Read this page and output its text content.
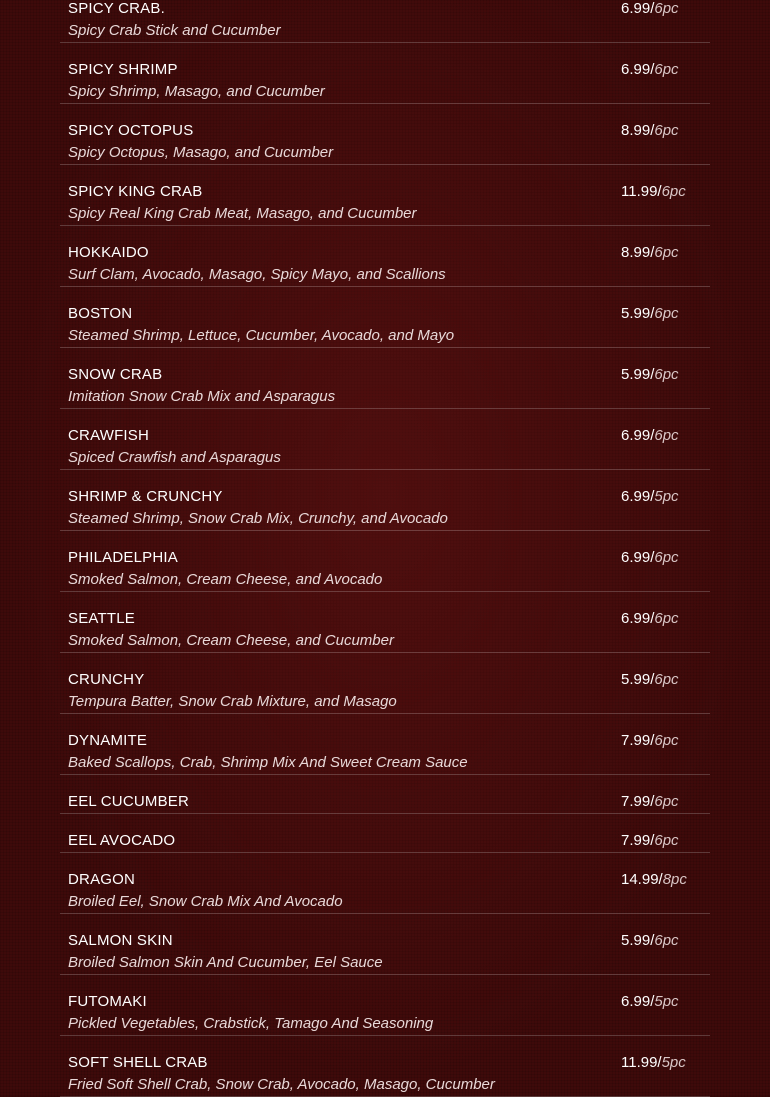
SPICY CRAB.
Spicy Crab Stick and Cucumber
6.99/6pc
SPICY SHRIMP
Spicy Shrimp, Masago, and Cucumber
6.99/6pc
SPICY OCTOPUS
Spicy Octopus, Masago, and Cucumber
8.99/6pc
SPICY KING CRAB
Spicy Real King Crab Meat, Masago, and Cucumber
11.99/6pc
HOKKAIDO
Surf Clam, Avocado, Masago, Spicy Mayo, and Scallions
8.99/6pc
BOSTON
Steamed Shrimp, Lettuce, Cucumber, Avocado, and Mayo
5.99/6pc
SNOW CRAB
Imitation Snow Crab Mix and Asparagus
5.99/6pc
CRAWFISH
Spiced Crawfish and Asparagus
6.99/6pc
SHRIMP & CRUNCHY
Steamed Shrimp, Snow Crab Mix, Crunchy, and Avocado
6.99/5pc
PHILADELPHIA
Smoked Salmon, Cream Cheese, and Avocado
6.99/6pc
SEATTLE
Smoked Salmon, Cream Cheese, and Cucumber
6.99/6pc
CRUNCHY
Tempura Batter, Snow Crab Mixture, and Masago
5.99/6pc
DYNAMITE
Baked Scallops, Crab, Shrimp Mix And Sweet Cream Sauce
7.99/6pc
EEL CUCUMBER	7.99/6pc
EEL AVOCADO	7.99/6pc
DRAGON
Broiled Eel, Snow Crab Mix And Avocado
14.99/8pc
SALMON SKIN
Broiled Salmon Skin And Cucumber, Eel Sauce
5.99/6pc
FUTOMAKI
Pickled Vegetables, Crabstick, Tamago And Seasoning
6.99/5pc
SOFT SHELL CRAB
Fried Soft Shell Crab, Snow Crab, Avocado, Masago, Cucumber
11.99/5pc
